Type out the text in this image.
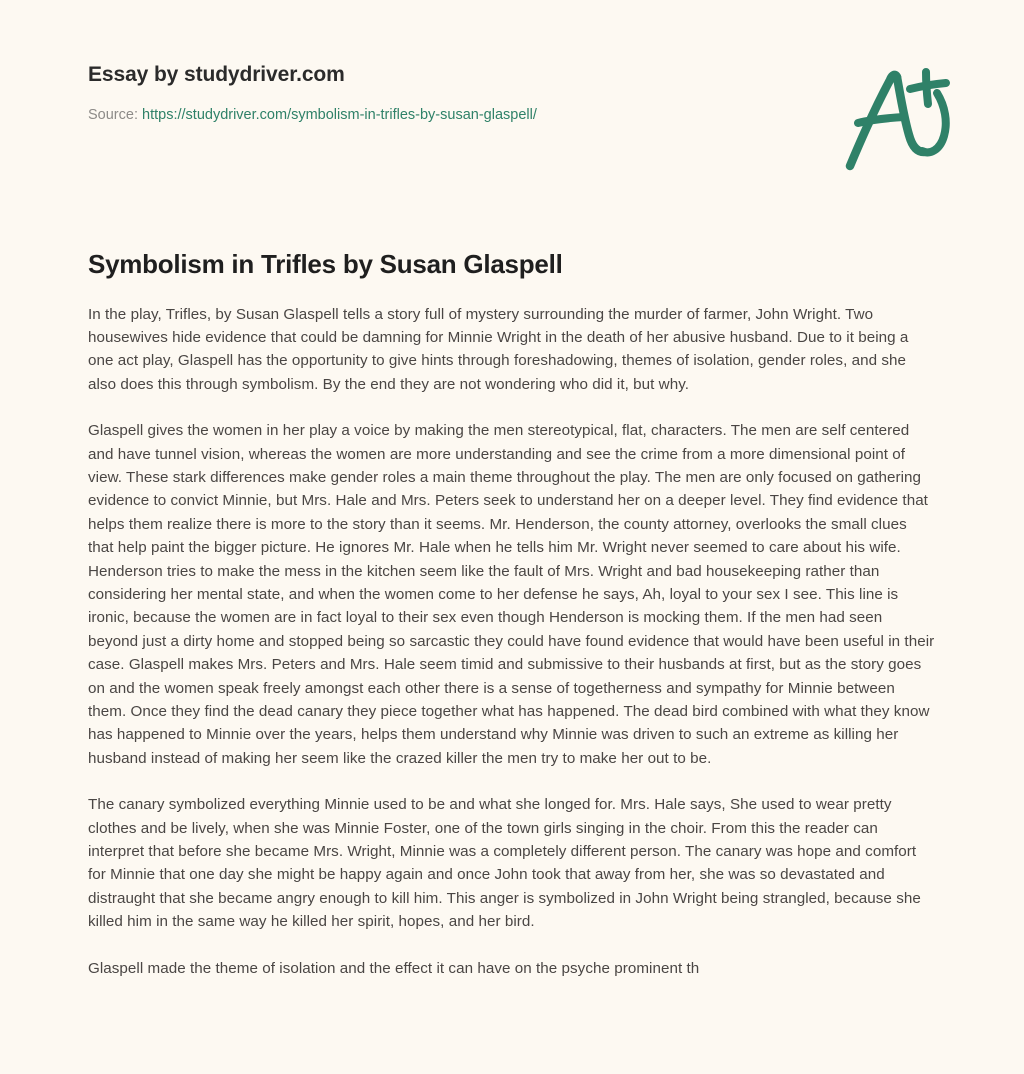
Essay by studydriver.com
Source: https://studydriver.com/symbolism-in-trifles-by-susan-glaspell/
Symbolism in Trifles by Susan Glaspell

In the play, Trifles, by Susan Glaspell tells a story full of mystery surrounding the murder of farmer, John Wright. Two housewives hide evidence that could be damning for Minnie Wright in the death of her abusive husband. Due to it being a one act play, Glaspell has the opportunity to give hints through foreshadowing, themes of isolation, gender roles, and she also does this through symbolism. By the end they are not wondering who did it, but why.

Glaspell gives the women in her play a voice by making the men stereotypical, flat, characters. The men are self centered and have tunnel vision, whereas the women are more understanding and see the crime from a more dimensional point of view. These stark differences make gender roles a main theme throughout the play. The men are only focused on gathering evidence to convict Minnie, but Mrs. Hale and Mrs. Peters seek to understand her on a deeper level. They find evidence that helps them realize there is more to the story than it seems. Mr. Henderson, the county attorney, overlooks the small clues that help paint the bigger picture. He ignores Mr. Hale when he tells him Mr. Wright never seemed to care about his wife. Henderson tries to make the mess in the kitchen seem like the fault of Mrs. Wright and bad housekeeping rather than considering her mental state, and when the women come to her defense he says, Ah, loyal to your sex I see. This line is ironic, because the women are in fact loyal to their sex even though Henderson is mocking them. If the men had seen beyond just a dirty home and stopped being so sarcastic they could have found evidence that would have been useful in their case. Glaspell makes Mrs. Peters and Mrs. Hale seem timid and submissive to their husbands at first, but as the story goes on and the women speak freely amongst each other there is a sense of togetherness and sympathy for Minnie between them. Once they find the dead canary they piece together what has happened. The dead bird combined with what they know has happened to Minnie over the years, helps them understand why Minnie was driven to such an extreme as killing her husband instead of making her seem like the crazed killer the men try to make her out to be.

The canary symbolized everything Minnie used to be and what she longed for. Mrs. Hale says, She used to wear pretty clothes and be lively, when she was Minnie Foster, one of the town girls singing in the choir. From this the reader can interpret that before she became Mrs. Wright, Minnie was a completely different person. The canary was hope and comfort for Minnie that one day she might be happy again and once John took that away from her, she was so devastated and distraught that she became angry enough to kill him. This anger is symbolized in John Wright being strangled, because she killed him in the same way he killed her spirit, hopes, and her bird.

Glaspell made the theme of isolation and the effect it can have on the psyche prominent th
